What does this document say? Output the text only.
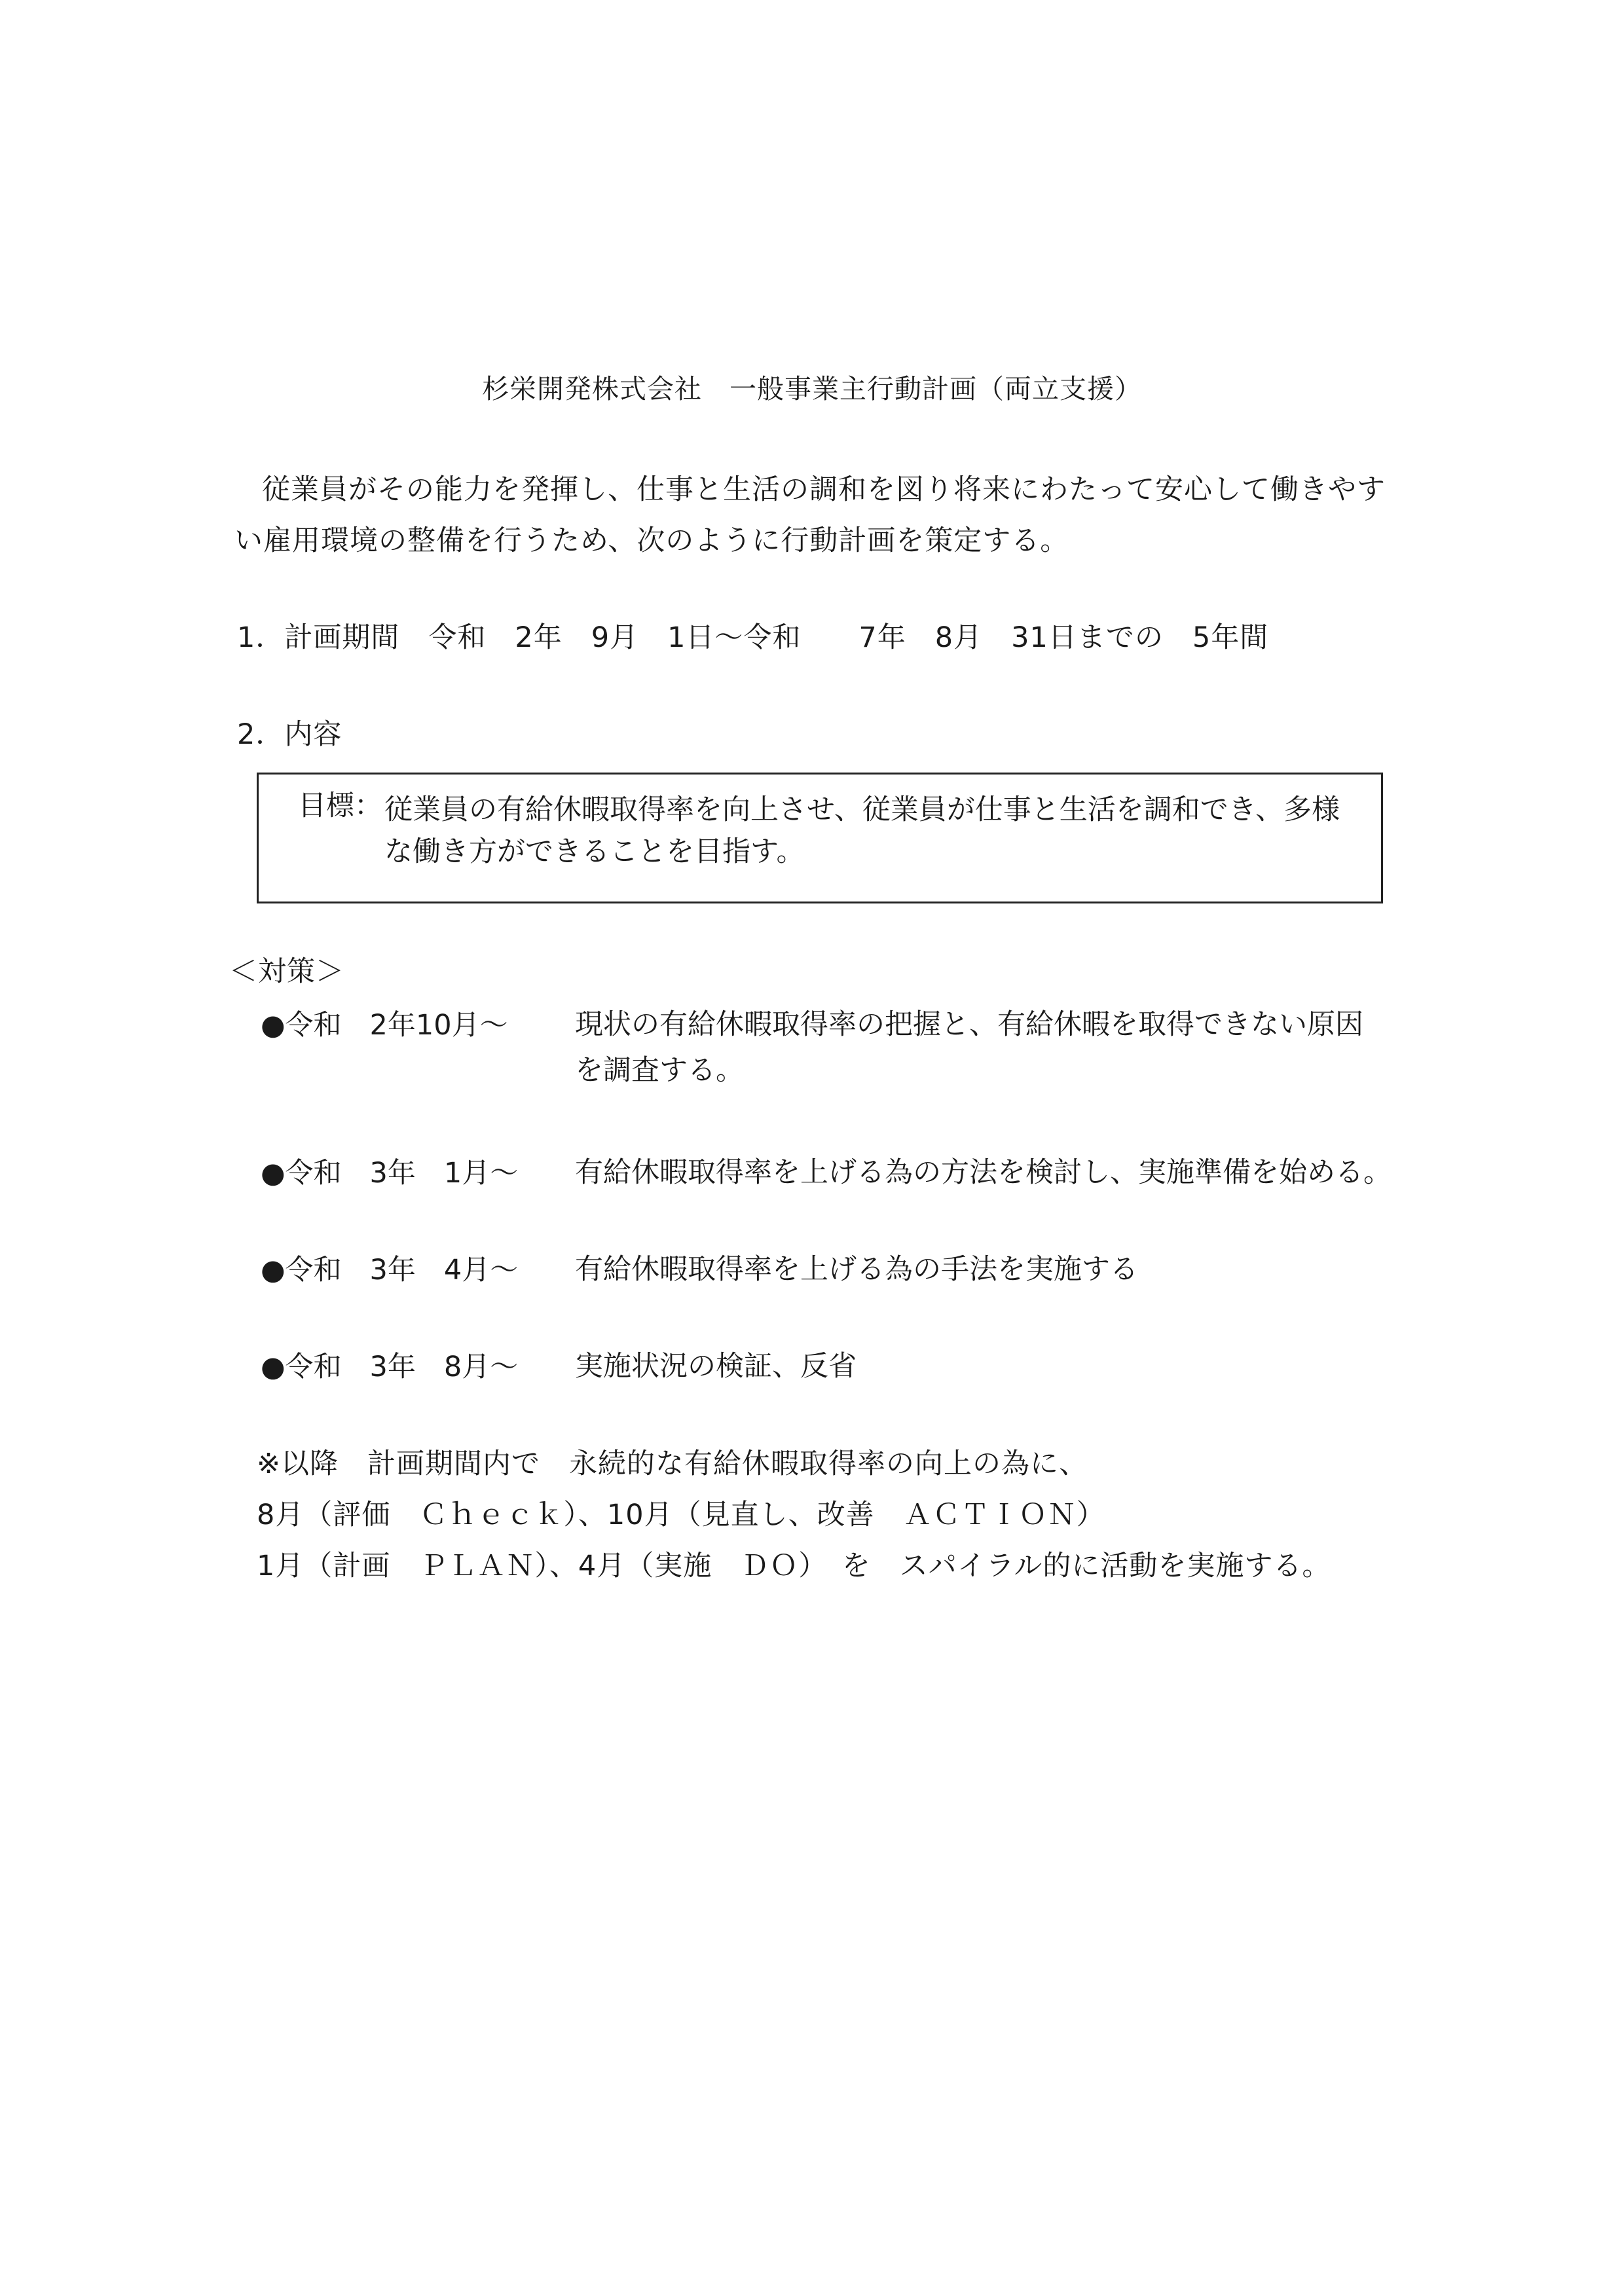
杉栄開発株式会社　一般事業主行動計画（両立支援）
従業員がその能力を発揮し、仕事と生活の調和を図り将来にわたって安心して働きやす
い雇用環境の整備を行うため、次のように行動計画を策定する。
1．計画期間　令和　2年　9月　1日～令和　　7年　8月　31日までの　5年間
2．内容
目標： 従業員の有給休暇取得率を向上させ、従業員が仕事と生活を調和でき、多様
な働き方ができることを目指す。
＜対策＞
●令和　2年10月～ 現状の有給休暇取得率の把握と、有給休暇を取得できない原因
を調査する。
●令和　3年　1月～ 有給休暇取得率を上げる為の方法を検討し、実施準備を始める。
●令和　3年　4月～ 有給休暇取得率を上げる為の手法を実施する
●令和　3年　8月～ 実施状況の検証、反省
※以降　計画期間内で　永続的な有給休暇取得率の向上の為に、
8月（評価　Ｃｈｅｃｋ）、10月（見直し、改善　ＡＣＴＩＯＮ）
1月（計画　ＰＬＡＮ）、4月（実施　ＤＯ）　を　スパイラル的に活動を実施する。
